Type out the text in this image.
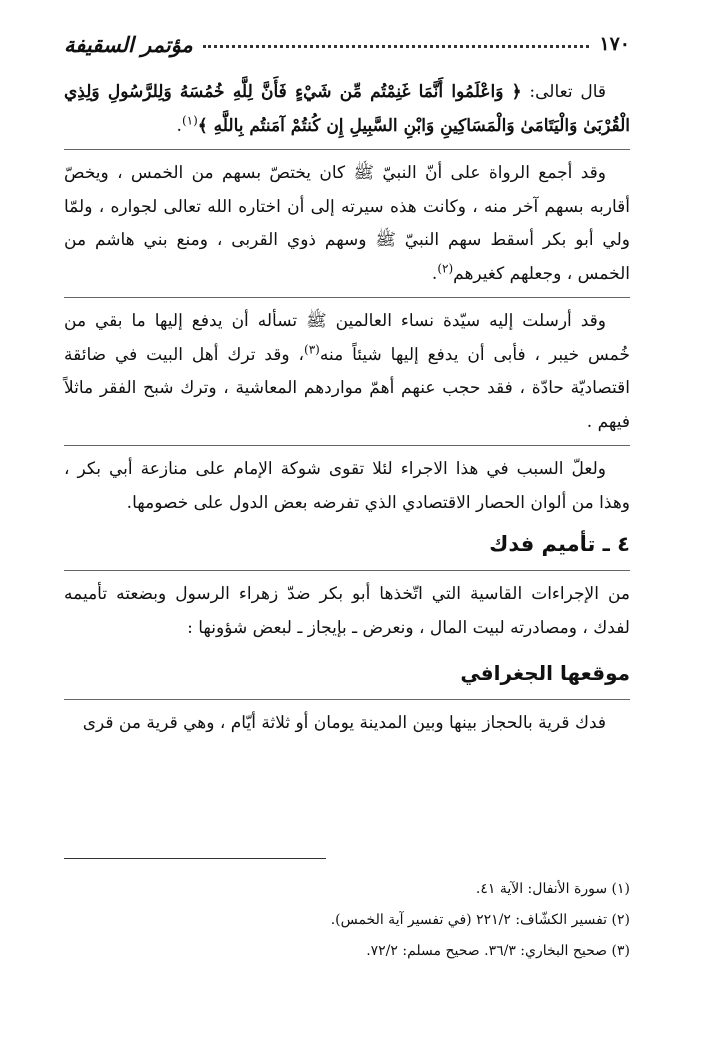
١٧٠
مؤتمر السقيفة

قال تعالى: ﴿ وَاعْلَمُوا أَنَّمَا غَنِمْتُم مِّن شَيْءٍ فَأَنَّ لِلَّهِ خُمُسَهُ وَلِلرَّسُولِ وَلِذِي الْقُرْبَىٰ وَالْيَتَامَىٰ وَالْمَسَاكِينِ وَابْنِ السَّبِيلِ إِن كُنتُمْ آمَنتُم بِاللَّهِ ﴾$^{(١)}$.

وقد أجمع الرواة على أنّ النبيّ ﷺ كان يختصّ بسهم من الخمس ، ويخصّ أقاربه بسهم آخر منه ، وكانت هذه سيرته إلى أن اختاره الله تعالى لجواره ، ولمّا ولي أبو بكر أسقط سهم النبيّ ﷺ وسهم ذوي القربى ، ومنع بني هاشم من الخمس ، وجعلهم كغيرهم$^{(٢)}$.

وقد أرسلت إليه سيّدة نساء العالمين ﷺ تسأله أن يدفع إليها ما بقي من خُمس خيبر ، فأبى أن يدفع إليها شيئاً منه$^{(٣)}$، وقد ترك أهل البيت في ضائقة اقتصاديّة حادّة ، فقد حجب عنهم أهمّ مواردهم المعاشية ، وترك شبح الفقر ماثلاً فيهم .

ولعلّ السبب في هذا الاجراء لئلا تقوى شوكة الإمام على منازعة أبي بكر ، وهذا من ألوان الحصار الاقتصادي الذي تفرضه بعض الدول على خصومها.

٤ ـ تأميم فدك

من الإجراءات القاسية التي اتّخذها أبو بكر ضدّ زهراء الرسول وبضعته تأميمه لفدك ، ومصادرته لبيت المال ، ونعرض ـ بإيجاز ـ لبعض شؤونها :

موقعها الجغرافي

فدك قرية بالحجاز بينها وبين المدينة يومان أو ثلاثة أيّام ، وهي قرية من قرى

(١) سورة الأنفال: الآية ٤١.
(٢) تفسير الكشّاف: ٢٢١/٢ (في تفسير آية الخمس).
(٣) صحيح البخاري: ٣٦/٣. صحيح مسلم: ٧٢/٢.
